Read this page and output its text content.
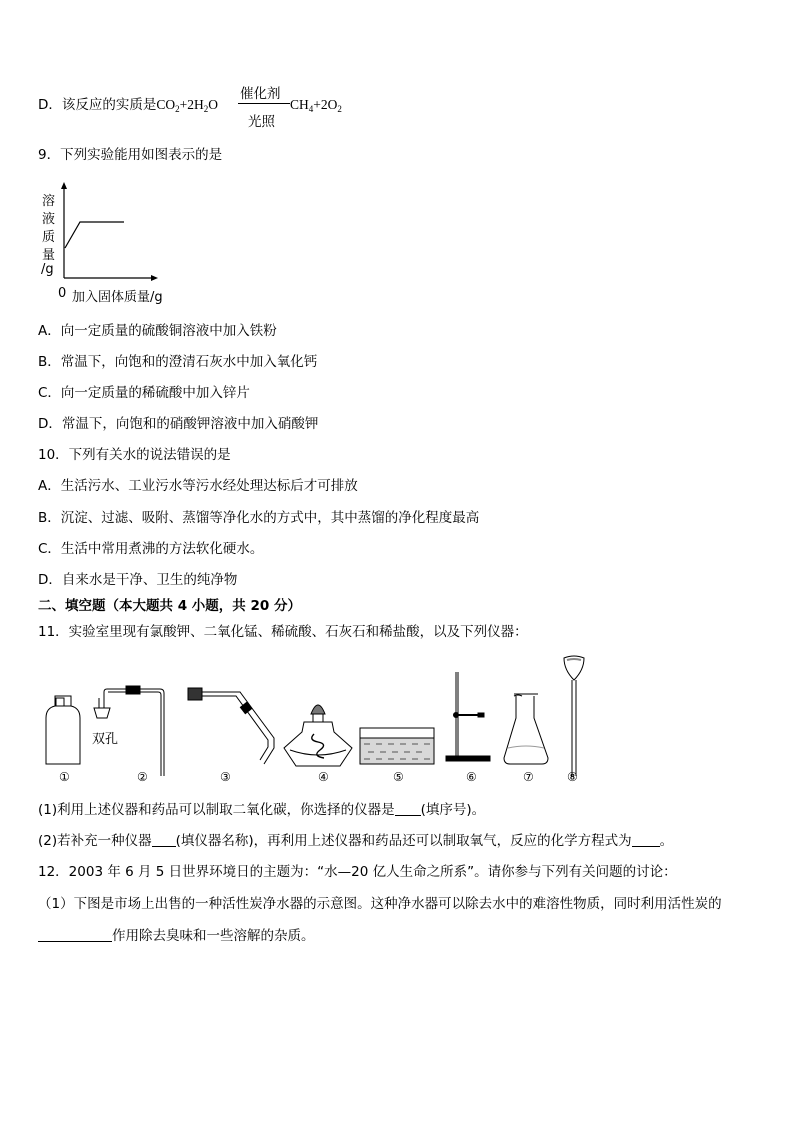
D．该反应的实质是$CO_2+2H_2O$
催化剂
光照
$CH_4+2O_2$
9．下列实验能用如图表示的是
溶
液
质
量
/g
0 加入固体质量/g
A．向一定质量的硫酸铜溶液中加入铁粉
B．常温下，向饱和的澄清石灰水中加入氧化钙
C．向一定质量的稀硫酸中加入锌片
D．常温下，向饱和的硝酸钾溶液中加入硝酸钾
10．下列有关水的说法错误的是
A．生活污水、工业污水等污水经处理达标后才可排放
B．沉淀、过滤、吸附、蒸馏等净化水的方式中，其中蒸馏的净化程度最高
C．生活中常用煮沸的方法软化硬水。
D．自来水是干净、卫生的纯净物
二、填空题（本大题共 4 小题，共 20 分）
11．实验室里现有氯酸钾、二氧化锰、稀硫酸、石灰石和稀盐酸，以及下列仪器：
双孔
①	②	③	④	⑤	⑥	⑦	⑧
(1)利用上述仪器和药品可以制取二氧化碳，你选择的仪器是 (填序号)。
(2)若补充一种仪器 (填仪器名称)，再利用上述仪器和药品还可以制取氧气，反应的化学方程式为 。
12．2003 年 6 月 5 日世界环境日的主题为：“水—20 亿人生命之所系”。请你参与下列有关问题的讨论：
（1）下图是市场上出售的一种活性炭净水器的示意图。这种净水器可以除去水中的难溶性物质，同时利用活性炭的
作用除去臭味和一些溶解的杂质。
